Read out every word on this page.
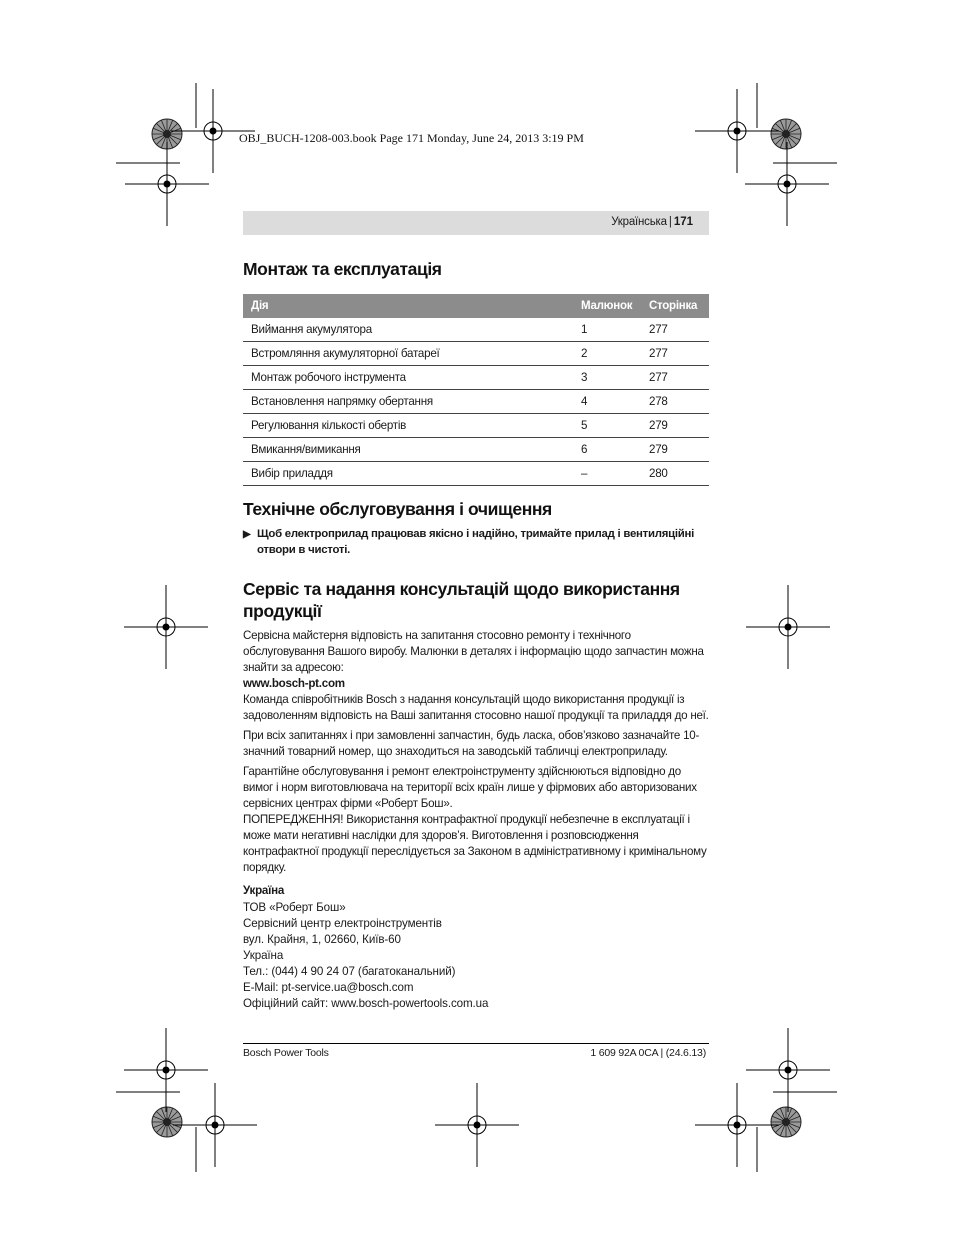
OBJ_BUCH-1208-003.book Page 171 Monday, June 24, 2013 3:19 PM
Українська | 171
Монтаж та експлуатація
Дія	Малюнок	Сторінка
Виймання акумулятора	1	277
Встромляння акумуляторної батареї	2	277
Монтаж робочого інструмента	3	277
Встановлення напрямку обертання	4	278
Регулювання кількості обертів	5	279
Вмикання/вимикання	6	279
Вибір приладдя	–	280
Технічне обслуговування і очищення
▶ Щоб електроприлад працював якісно і надійно, тримайте прилад і вентиляційні отвори в чистоті.
Сервіс та надання консультацій щодо використання продукції

Сервісна майстерня відповість на запитання стосовно ремонту і технічного обслуговування Вашого виробу. Малюнки в деталях і інформацію щодо запчастин можна знайти за адресою:

www.bosch-pt.com

Команда співробітників Bosch з надання консультацій щодо використання продукції із задоволенням відповість на Ваші запитання стосовно нашої продукції та приладдя до неї.

При всіх запитаннях і при замовленні запчастин, будь ласка, обов’язково зазначайте 10-значний товарний номер, що знаходиться на заводській табличці електроприладу.

Гарантійне обслуговування і ремонт електроінструменту здійснюються відповідно до вимог і норм виготовлювача на території всіх країн лише у фірмових або авторизованих сервісних центрах фірми «Роберт Бош».

ПОПЕРЕДЖЕННЯ! Використання контрафактної продукції небезпечне в експлуатації і може мати негативні наслідки для здоров’я. Виготовлення і розповсюдження контрафактної продукції переслідується за Законом в адміністративному і кримінальному порядку.

Україна

ТОВ «Роберт Бош»

Сервісний центр електроінструментів

вул. Крайня, 1, 02660, Київ-60

Україна

Тел.: (044) 4 90 24 07 (багатоканальний)

E-Mail: pt-service.ua@bosch.com

Офіційний сайт: www.bosch-powertools.com.ua

Bosch Power Tools	1 609 92A 0CA | (24.6.13)
